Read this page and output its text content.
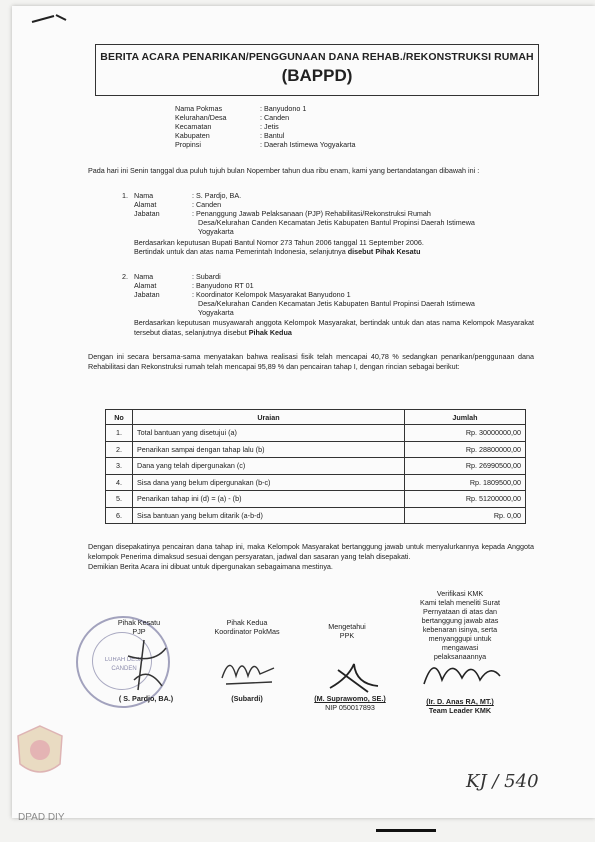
BERITA ACARA PENARIKAN/PENGGUNAAN DANA REHAB./REKONSTRUKSI RUMAH
(BAPPD)
Nama Pokmas	: Banyudono 1
Kelurahan/Desa	: Canden
Kecamatan	: Jetis
Kabupaten	: Bantul
Propinsi	: Daerah Istimewa Yogyakarta
Pada hari ini Senin tanggal dua puluh tujuh bulan Nopember tahun dua ribu enam, kami yang bertandatangan dibawah ini :
1. Nama	: S. Pardjo, BA.
Alamat	: Canden
Jabatan	: Penanggung Jawab Pelaksanaan (PJP) Rehabilitasi/Rekonstruksi Rumah
Desa/Kelurahan Canden Kecamatan Jetis Kabupaten Bantul Propinsi Daerah Istimewa
Yogyakarta
Berdasarkan keputusan Bupati Bantul Nomor 273 Tahun 2006 tanggal 11 September 2006.
Bertindak untuk dan atas nama Pemerintah Indonesia, selanjutnya disebut Pihak Kesatu
2. Nama	: Subardi
Alamat	: Banyudono RT 01
Jabatan	: Koordinator Kelompok Masyarakat Banyudono 1
Desa/Kelurahan Canden Kecamatan Jetis Kabupaten Bantul Propinsi Daerah Istimewa
Yogyakarta
Berdasarkan keputusan musyawarah anggota Kelompok Masyarakat, bertindak untuk dan atas nama Kelompok Masyarakat tersebut diatas, selanjutnya disebut Pihak Kedua
Dengan ini secara bersama-sama menyatakan bahwa realisasi fisik telah mencapai 40,78 % sedangkan penarikan/penggunaan dana Rehabilitasi dan Rekonstruksi rumah telah mencapai 95,89 % dan pencairan tahap I, dengan rincian sebagai berikut:
No	Uraian	Jumlah
1.	Total bantuan yang disetujui (a)	Rp. 30000000,00
2.	Penarikan sampai dengan tahap lalu (b)	Rp. 28800000,00
3.	Dana yang telah dipergunakan (c)	Rp. 26990500,00
4.	Sisa dana yang belum dipergunakan (b-c)	Rp. 1809500,00
5.	Penarikan tahap ini (d) = (a) - (b)	Rp. 51200000,00
6.	Sisa bantuan yang belum ditarik (a-b-d)	Rp. 0,00
Dengan disepakatinya pencairan dana tahap ini, maka Kelompok Masyarakat bertanggung jawab untuk menyalurkannya kepada Anggota kelompok Penerima dimaksud sesuai dengan persyaratan, jadwal dan sasaran yang telah disepakati.
Demikian Berita Acara ini dibuat untuk dipergunakan sebagaimana mestinya.
Verifikasi KMK
Kami telah meneliti Surat
Pernyataan di atas dan
bertanggung jawab atas
kebenaran isinya, serta
menyanggupi untuk mengawasi
pelaksanaannya
LURAH DESA CANDEN
Pihak Kesatu
PJP
( S. Pardjo, BA.)
Pihak Kedua
Koordinator PokMas
(Subardi)
Mengetahui
PPK
(M. Suprawomo, SE.)
NIP 050017893
(Ir. D. Anas RA, MT.)
Team Leader KMK
KJ / 540
DPAD DIY
